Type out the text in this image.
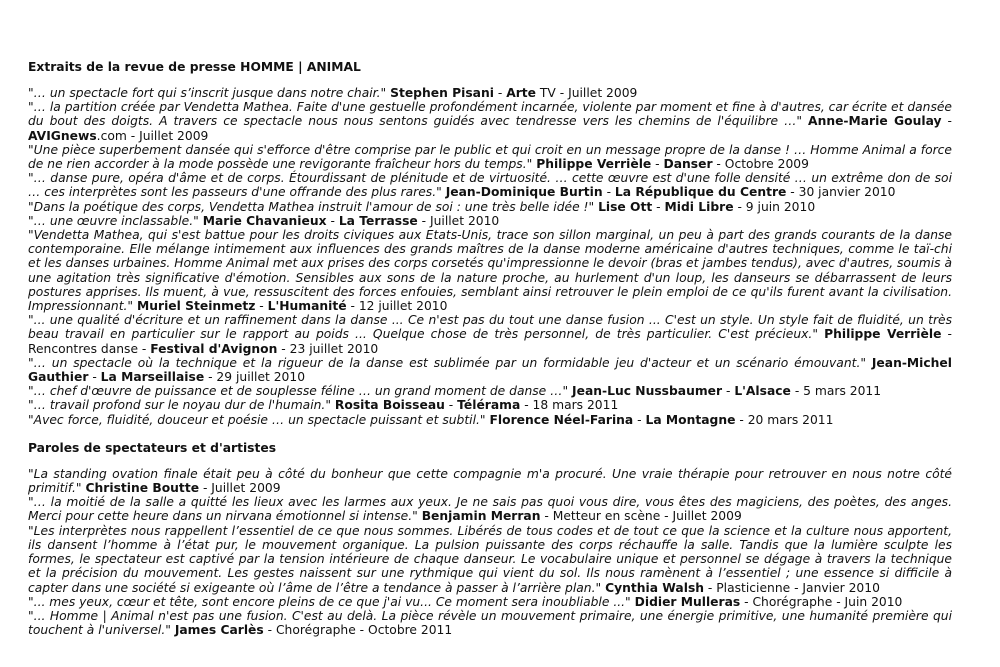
Extraits de la revue de presse HOMME | ANIMAL

"… un spectacle fort qui s’inscrit jusque dans notre chair." Stephen Pisani - Arte TV - Juillet 2009

"… la partition créée par Vendetta Mathea. Faite d'une gestuelle profondément incarnée, violente par moment et fine à d'autres, car écrite et dansée du bout des doigts. A travers ce spectacle nous nous sentons guidés avec tendresse vers les chemins de l'équilibre …" Anne-Marie Goulay - AVIGnews.com - Juillet 2009

"Une pièce superbement dansée qui s'efforce d'être comprise par le public et qui croit en un message propre de la danse ! … Homme Animal a force de ne rien accorder à la mode possède une revigorante fraîcheur hors du temps." Philippe Verrièle - Danser - Octobre 2009

"… danse pure, opéra d'âme et de corps. Étourdissant de plénitude et de virtuosité. … cette œuvre est d'une folle densité … un extrême don de soi … ces interprètes sont les passeurs d'une offrande des plus rares." Jean-Dominique Burtin - La République du Centre - 30 janvier 2010

"Dans la poétique des corps, Vendetta Mathea instruit l'amour de soi : une très belle idée !" Lise Ott - Midi Libre - 9 juin 2010

"… une œuvre inclassable." Marie Chavanieux - La Terrasse - Juillet 2010

"Vendetta Mathea, qui s'est battue pour les droits civiques aux Etats-Unis, trace son sillon marginal, un peu à part des grands courants de la danse contemporaine. Elle mélange intimement aux influences des grands maîtres de la danse moderne américaine d'autres techniques, comme le taï-chi et les danses urbaines. Homme Animal met aux prises des corps corsetés qu'impressionne le devoir (bras et jambes tendus), avec d'autres, soumis à une agitation très significative d'émotion. Sensibles aux sons de la nature proche, au hurlement d'un loup, les danseurs se débarrassent de leurs postures apprises. Ils muent, à vue, ressuscitent des forces enfouies, semblant ainsi retrouver le plein emploi de ce qu'ils furent avant la civilisation. Impressionnant." Muriel Steinmetz - L'Humanité - 12 juillet 2010

"... une qualité d'écriture et un raffinement dans la danse ... Ce n'est pas du tout une danse fusion ... C'est un style. Un style fait de fluidité, un très beau travail en particulier sur le rapport au poids ... Quelque chose de très personnel, de très particulier. C'est précieux." Philippe Verrièle - Rencontres danse - Festival d'Avignon - 23 juillet 2010

"… un spectacle où la technique et la rigueur de la danse est sublimée par un formidable jeu d'acteur et un scénario émouvant." Jean-Michel Gauthier - La Marseillaise - 29 juillet 2010

"… chef d'œuvre de puissance et de souplesse féline … un grand moment de danse …" Jean-Luc Nussbaumer - L'Alsace - 5 mars 2011

"… travail profond sur le noyau dur de l'humain." Rosita Boisseau - Télérama - 18 mars 2011

"Avec force, fluidité, douceur et poésie … un spectacle puissant et subtil." Florence Néel-Farina - La Montagne - 20 mars 2011

Paroles de spectateurs et d'artistes

"La standing ovation finale était peu à côté du bonheur que cette compagnie m'a procuré. Une vraie thérapie pour retrouver en nous notre côté primitif." Christine Boutte - Juillet 2009

"… la moitié de la salle a quitté les lieux avec les larmes aux yeux. Je ne sais pas quoi vous dire, vous êtes des magiciens, des poètes, des anges. Merci pour cette heure dans un nirvana émotionnel si intense." Benjamin Merran - Metteur en scène - Juillet 2009

"Les interprètes nous rappellent l’essentiel de ce que nous sommes. Libérés de tous codes et de tout ce que la science et la culture nous apportent, ils dansent l’homme à l’état pur, le mouvement organique. La pulsion puissante des corps réchauffe la salle. Tandis que la lumière sculpte les formes, le spectateur est captivé par la tension intérieure de chaque danseur. Le vocabulaire unique et personnel se dégage à travers la technique et la précision du mouvement. Les gestes naissent sur une rythmique qui vient du sol. Ils nous ramènent à l’essentiel ; une essence si difficile à capter dans une société si exigeante où l’âme de l’être a tendance à passer à l’arrière plan." Cynthia Walsh - Plasticienne - Janvier 2010

"... mes yeux, cœur et tête, sont encore pleins de ce que j'ai vu... Ce moment sera inoubliable ..." Didier Mulleras - Chorégraphe - Juin 2010

"... Homme | Animal n'est pas une fusion. C'est au delà. La pièce révèle un mouvement primaire, une énergie primitive, une humanité première qui touchent à l'universel." James Carlès - Chorégraphe - Octobre 2011
